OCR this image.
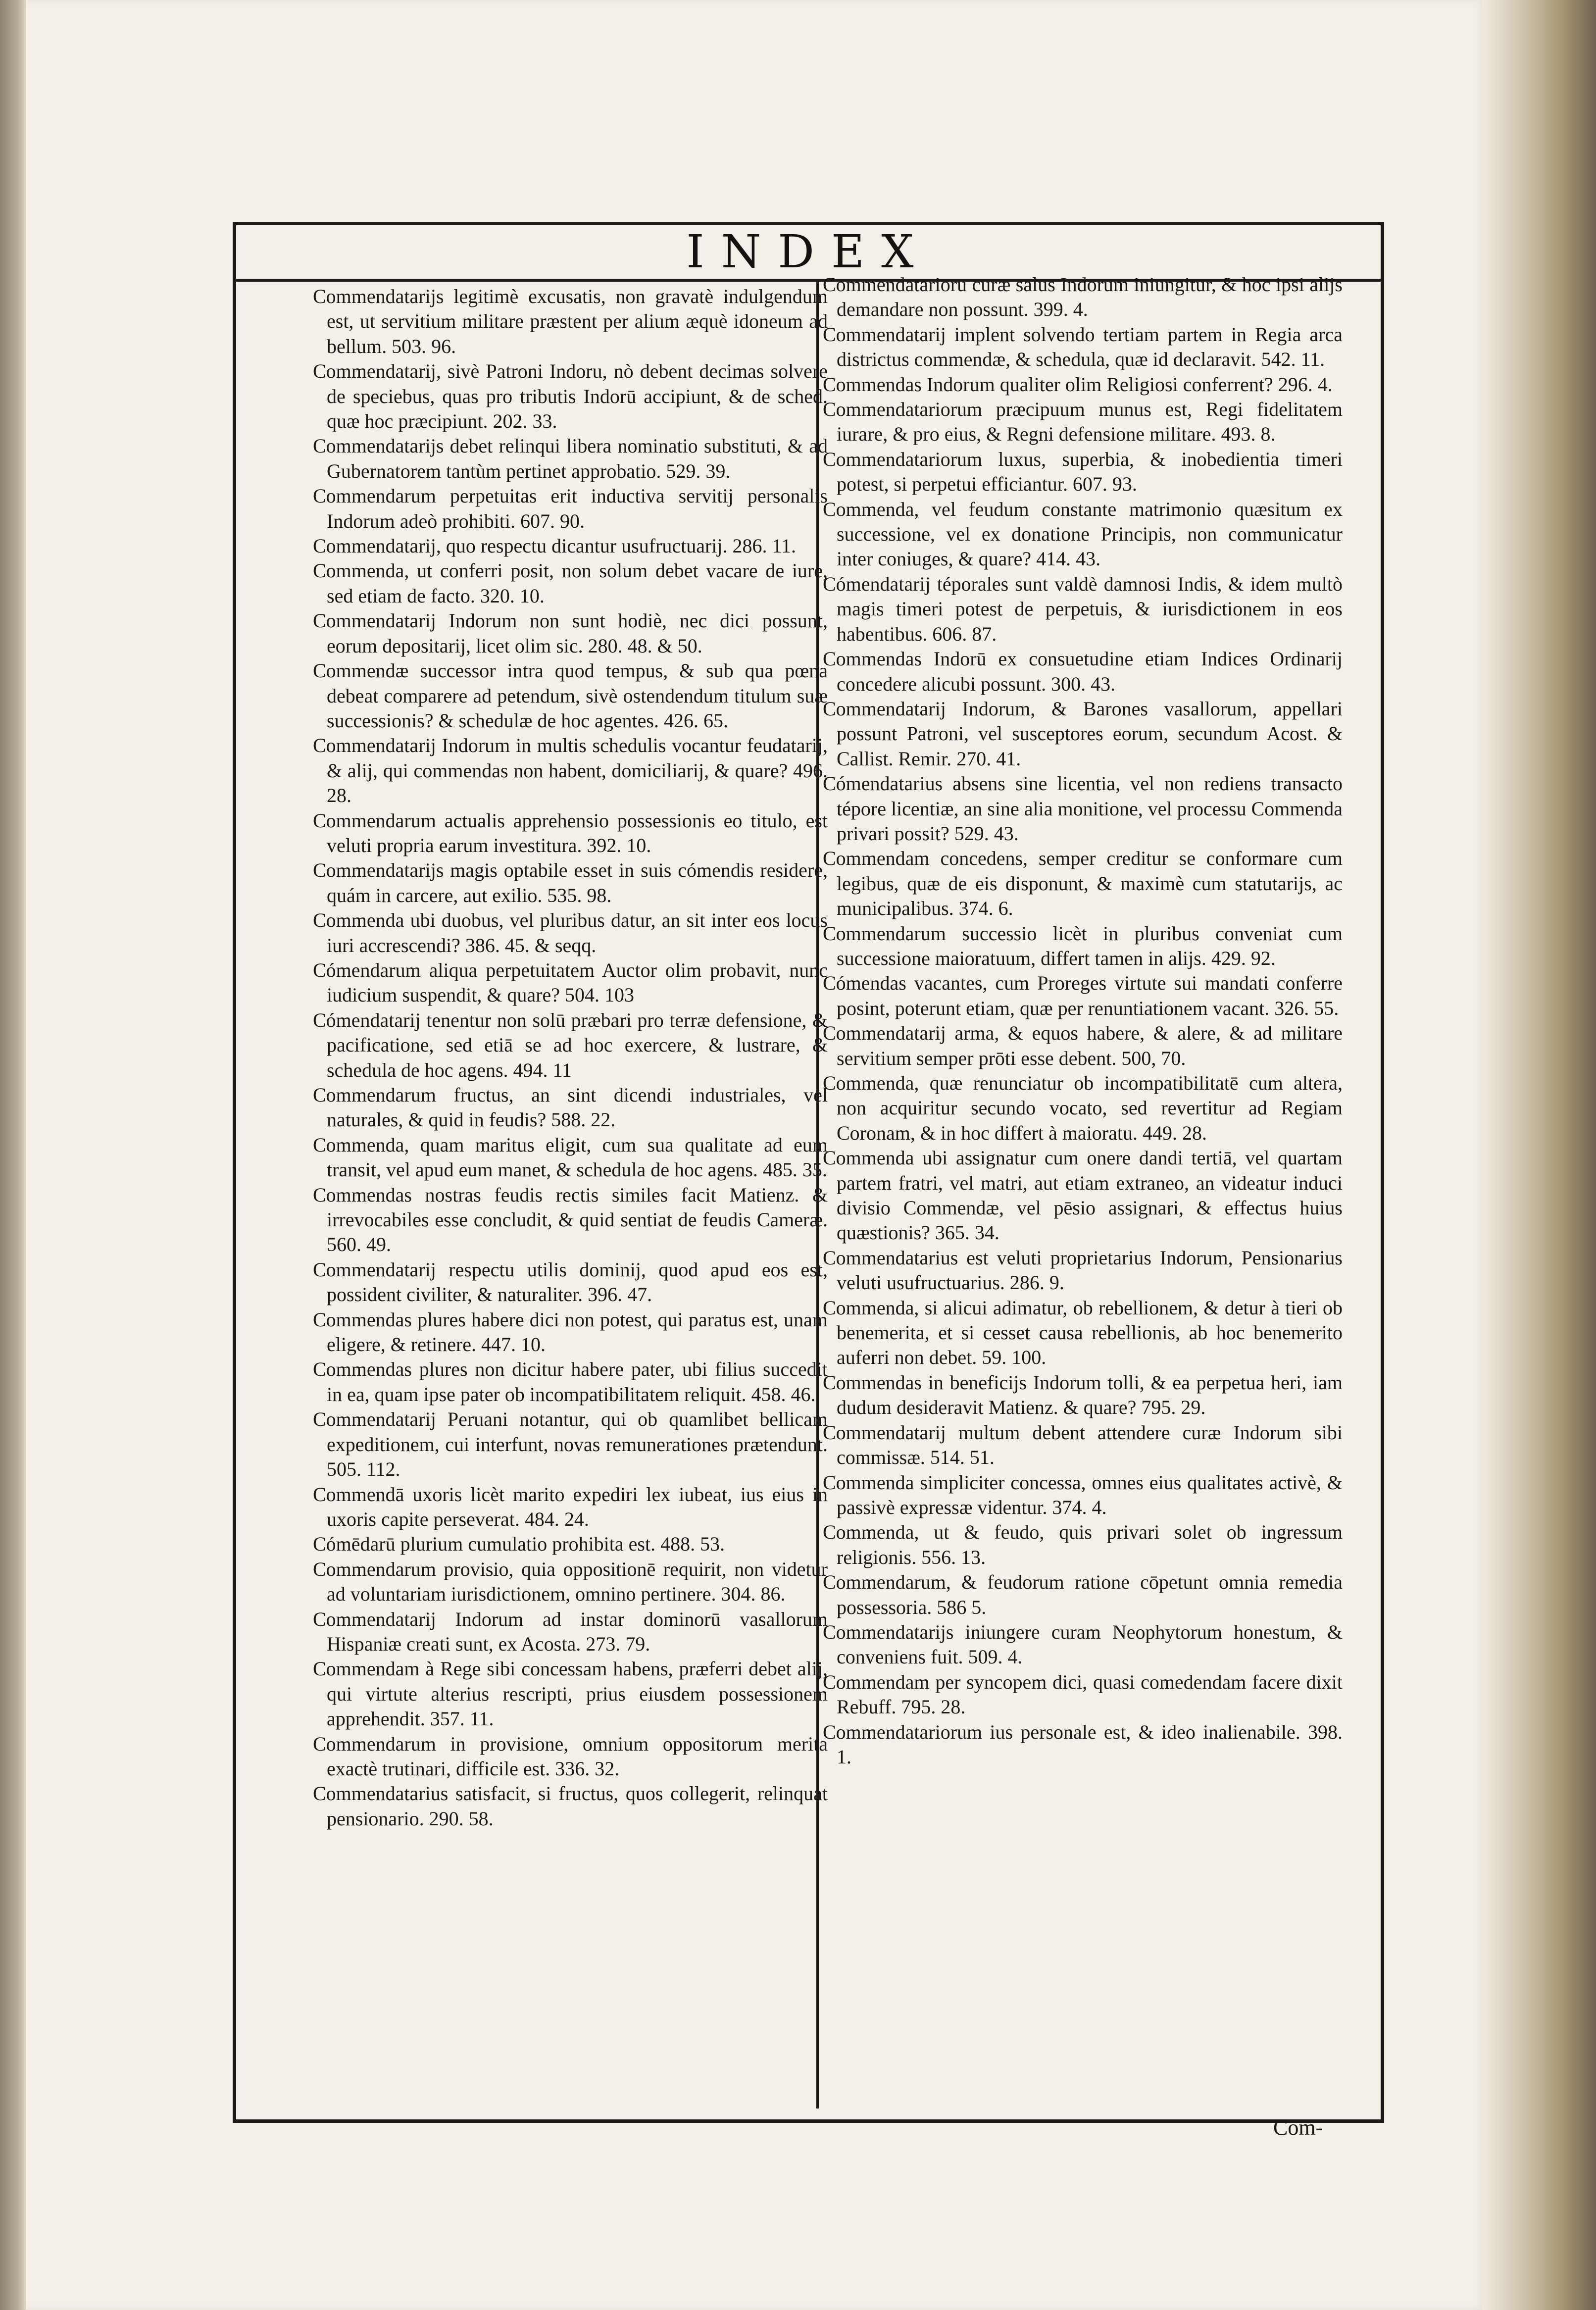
INDEX

Commendatarijs legitimè excusatis, non gravatè indulgendum est, ut servitium militare præstent per alium æquè idoneum ad bellum. 503. 96.

Commendatarij, sivè Patroni Indoru, nò debent decimas solvere de speciebus, quas pro tributis Indorū accipiunt, & de sched. quæ hoc præcipiunt. 202. 33.

Commendatarijs debet relinqui libera nominatio substituti, & ad Gubernatorem tantùm pertinet approbatio. 529. 39.

Commendarum perpetuitas erit inductiva servitij personalis Indorum adeò prohibiti. 607. 90.

Commendatarij, quo respectu dicantur usufructuarij. 286. 11.

Commenda, ut conferri posit, non solum debet vacare de iure, sed etiam de facto. 320. 10.

Commendatarij Indorum non sunt hodiè, nec dici possunt, eorum depositarij, licet olim sic. 280. 48. & 50.

Commendæ successor intra quod tempus, & sub qua pœna debeat comparere ad petendum, sivè ostendendum titulum suæ successionis? & schedulæ de hoc agentes. 426. 65.

Commendatarij Indorum in multis schedulis vocantur feudatarij, & alij, qui commendas non habent, domiciliarij, & quare? 496. 28.

Commendarum actualis apprehensio possessionis eo titulo, est veluti propria earum investitura. 392. 10.

Commendatarijs magis optabile esset in suis cómendis residere, quám in carcere, aut exilio. 535. 98.

Commenda ubi duobus, vel pluribus datur, an sit inter eos locus iuri accrescendi? 386. 45. & seqq.

Cómendarum aliqua perpetuitatem Auctor olim probavit, nunc iudicium suspendit, & quare? 504. 103

Cómendatarij tenentur non solū præbari pro terræ defensione, & pacificatione, sed etiā se ad hoc exercere, & lustrare, & schedula de hoc agens. 494. 11

Commendarum fructus, an sint dicendi industriales, vel naturales, & quid in feudis? 588. 22.

Commenda, quam maritus eligit, cum sua qualitate ad eum transit, vel apud eum manet, & schedula de hoc agens. 485. 35.

Commendas nostras feudis rectis similes facit Matienz. & irrevocabiles esse concludit, & quid sentiat de feudis Cameræ. 560. 49.

Commendatarij respectu utilis dominij, quod apud eos est, possident civiliter, & naturaliter. 396. 47.

Commendas plures habere dici non potest, qui paratus est, unam eligere, & retinere. 447. 10.

Commendas plures non dicitur habere pater, ubi filius succedit in ea, quam ipse pater ob incompatibilitatem reliquit. 458. 46.

Commendatarij Peruani notantur, qui ob quamlibet bellicam expeditionem, cui interfunt, novas remunerationes prætendunt. 505. 112.

Commendā uxoris licèt marito expediri lex iubeat, ius eius in uxoris capite perseverat. 484. 24.

Cómēdarū plurium cumulatio prohibita est. 488. 53.

Commendarum provisio, quia oppositionē requirit, non videtur ad voluntariam iurisdictionem, omnino pertinere. 304. 86.

Commendatarij Indorum ad instar dominorū vasallorum Hispaniæ creati sunt, ex Acosta. 273. 79.

Commendam à Rege sibi concessam habens, præferri debet alij, qui virtute alterius rescripti, prius eiusdem possessionem apprehendit. 357. 11.

Commendarum in provisione, omnium oppositorum merita exactè trutinari, difficile est. 336. 32.

Commendatarius satisfacit, si fructus, quos collegerit, relinquat pensionario. 290. 58.

Commendatariorū curæ salus Indorum iniungitur, & hoc ipsi alijs demandare non possunt. 399. 4.

Commendatarij implent solvendo tertiam partem in Regia arca districtus commendæ, & schedula, quæ id declaravit. 542. 11.

Commendas Indorum qualiter olim Religiosi conferrent? 296. 4.

Commendatariorum præcipuum munus est, Regi fidelitatem iurare, & pro eius, & Regni defensione militare. 493. 8.

Commendatariorum luxus, superbia, & inobedientia timeri potest, si perpetui efficiantur. 607. 93.

Commenda, vel feudum constante matrimonio quæsitum ex successione, vel ex donatione Principis, non communicatur inter coniuges, & quare? 414. 43.

Cómendatarij téporales sunt valdè damnosi Indis, & idem multò magis timeri potest de perpetuis, & iurisdictionem in eos habentibus. 606. 87.

Commendas Indorū ex consuetudine etiam Indices Ordinarij concedere alicubi possunt. 300. 43.

Commendatarij Indorum, & Barones vasallorum, appellari possunt Patroni, vel susceptores eorum, secundum Acost. & Callist. Remir. 270. 41.

Cómendatarius absens sine licentia, vel non rediens transacto tépore licentiæ, an sine alia monitione, vel processu Commenda privari possit? 529. 43.

Commendam concedens, semper creditur se conformare cum legibus, quæ de eis disponunt, & maximè cum statutarijs, ac municipalibus. 374. 6.

Commendarum successio licèt in pluribus conveniat cum successione maioratuum, differt tamen in alijs. 429. 92.

Cómendas vacantes, cum Proreges virtute sui mandati conferre posint, poterunt etiam, quæ per renuntiationem vacant. 326. 55.

Commendatarij arma, & equos habere, & alere, & ad militare servitium semper prōti esse debent. 500, 70.

Commenda, quæ renunciatur ob incompatibilitatē cum altera, non acquiritur secundo vocato, sed revertitur ad Regiam Coronam, & in hoc differt à maioratu. 449. 28.

Commenda ubi assignatur cum onere dandi tertiā, vel quartam partem fratri, vel matri, aut etiam extraneo, an videatur induci divisio Commendæ, vel pēsio assignari, & effectus huius quæstionis? 365. 34.

Commendatarius est veluti proprietarius Indorum, Pensionarius veluti usufructuarius. 286. 9.

Commenda, si alicui adimatur, ob rebellionem, & detur à tieri ob benemerita, et si cesset causa rebellionis, ab hoc benemerito auferri non debet. 59. 100.

Commendas in beneficijs Indorum tolli, & ea perpetua heri, iam dudum desideravit Matienz. & quare? 795. 29.

Commendatarij multum debent attendere curæ Indorum sibi commissæ. 514. 51.

Commenda simpliciter concessa, omnes eius qualitates activè, & passivè expressæ videntur. 374. 4.

Commenda, ut & feudo, quis privari solet ob ingressum religionis. 556. 13.

Commendarum, & feudorum ratione cōpetunt omnia remedia possessoria. 586 5.

Commendatarijs iniungere curam Neophytorum honestum, & conveniens fuit. 509. 4.

Commendam per syncopem dici, quasi comedendam facere dixit Rebuff. 795. 28.

Commendatariorum ius personale est, & ideo inalienabile. 398. 1.

Com-
